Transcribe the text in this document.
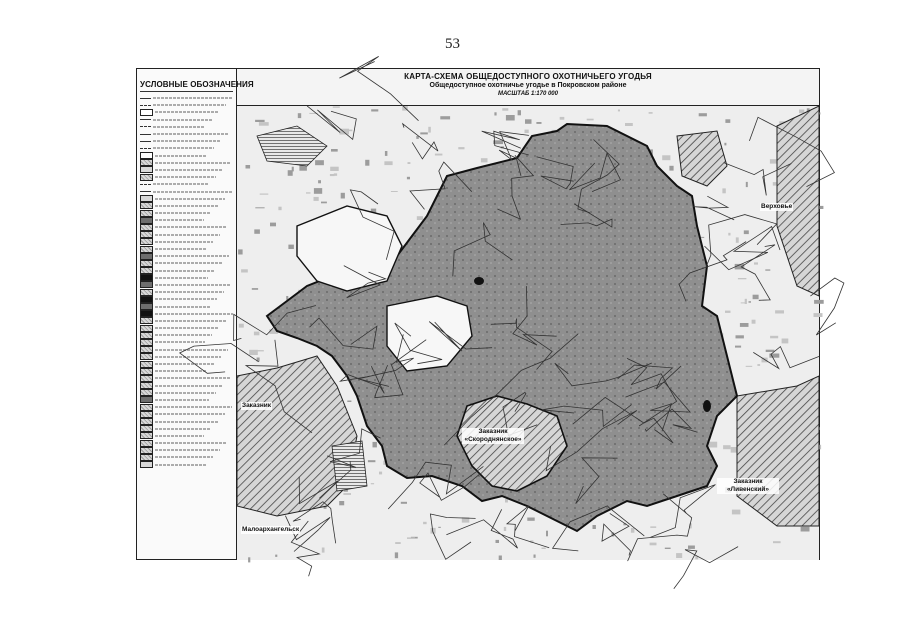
53
УСЛОВНЫЕ ОБОЗНАЧЕНИЯ
КАРТА-СХЕМА ОБЩЕДОСТУПНОГО ОХОТНИЧЬЕГО УГОДЬЯ
Общедоступное охотничье угодье в Покровском районе
МАСШТАБ 1:170 000
Верховье
Заказник
Заказник «Скороднянское»
Заказник «Ливенский»
Малоархангельск
